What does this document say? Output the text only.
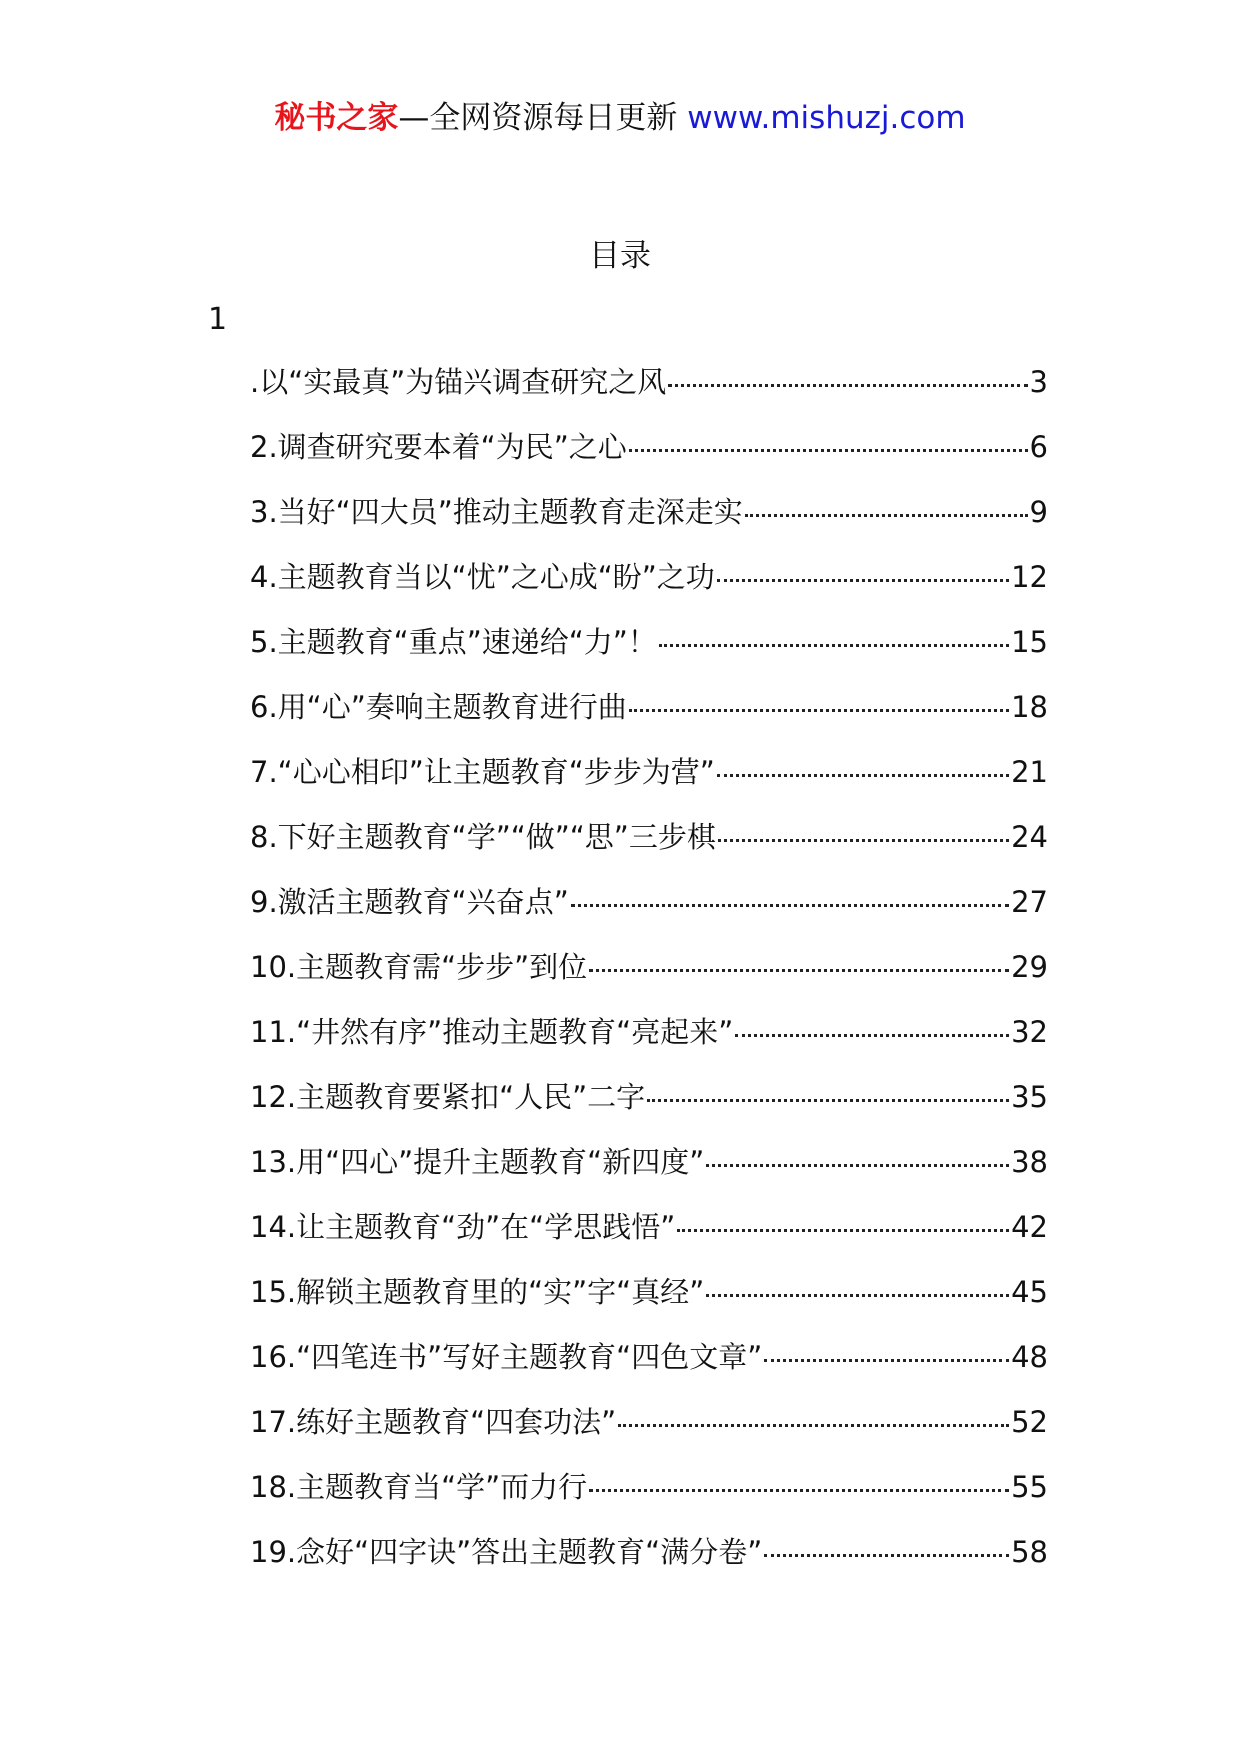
秘书之家—全网资源每日更新 www.mishuzj.com
目录
1
.以“实最真”为锚兴调查研究之风	3
2.调查研究要本着“为民”之心	6
3.当好“四大员”推动主题教育走深走实	9
4.主题教育当以“忧”之心成“盼”之功	12
5.主题教育“重点”速递给“力”！	15
6.用“心”奏响主题教育进行曲	18
7.“心心相印”让主题教育“步步为营”	21
8.下好主题教育“学”“做”“思”三步棋	24
9.激活主题教育“兴奋点”	27
10.主题教育需“步步”到位	29
11.“井然有序”推动主题教育“亮起来”	32
12.主题教育要紧扣“人民”二字	35
13.用“四心”提升主题教育“新四度”	38
14.让主题教育“劲”在“学思践悟”	42
15.解锁主题教育里的“实”字“真经”	45
16.“四笔连书”写好主题教育“四色文章”	48
17.练好主题教育“四套功法”	52
18.主题教育当“学”而力行	55
19.念好“四字诀”答出主题教育“满分卷”	58
